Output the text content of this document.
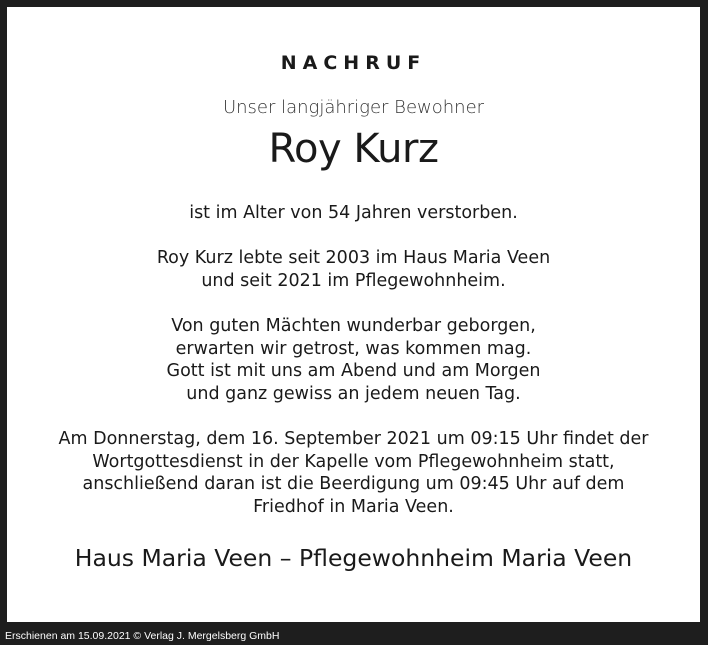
NACHRUF
Unser langjähriger Bewohner
Roy Kurz
ist im Alter von 54 Jahren verstorben.
Roy Kurz lebte seit 2003 im Haus Maria Veen
und seit 2021 im Pflegewohnheim.
Von guten Mächten wunderbar geborgen,
erwarten wir getrost, was kommen mag.
Gott ist mit uns am Abend und am Morgen
und ganz gewiss an jedem neuen Tag.
Am Donnerstag, dem 16. September 2021 um 09:15 Uhr findet der
Wortgottesdienst in der Kapelle vom Pflegewohnheim statt,
anschließend daran ist die Beerdigung um 09:45 Uhr auf dem
Friedhof in Maria Veen.
Haus Maria Veen – Pflegewohnheim Maria Veen
Erschienen am 15.09.2021 © Verlag J. Mergelsberg GmbH
